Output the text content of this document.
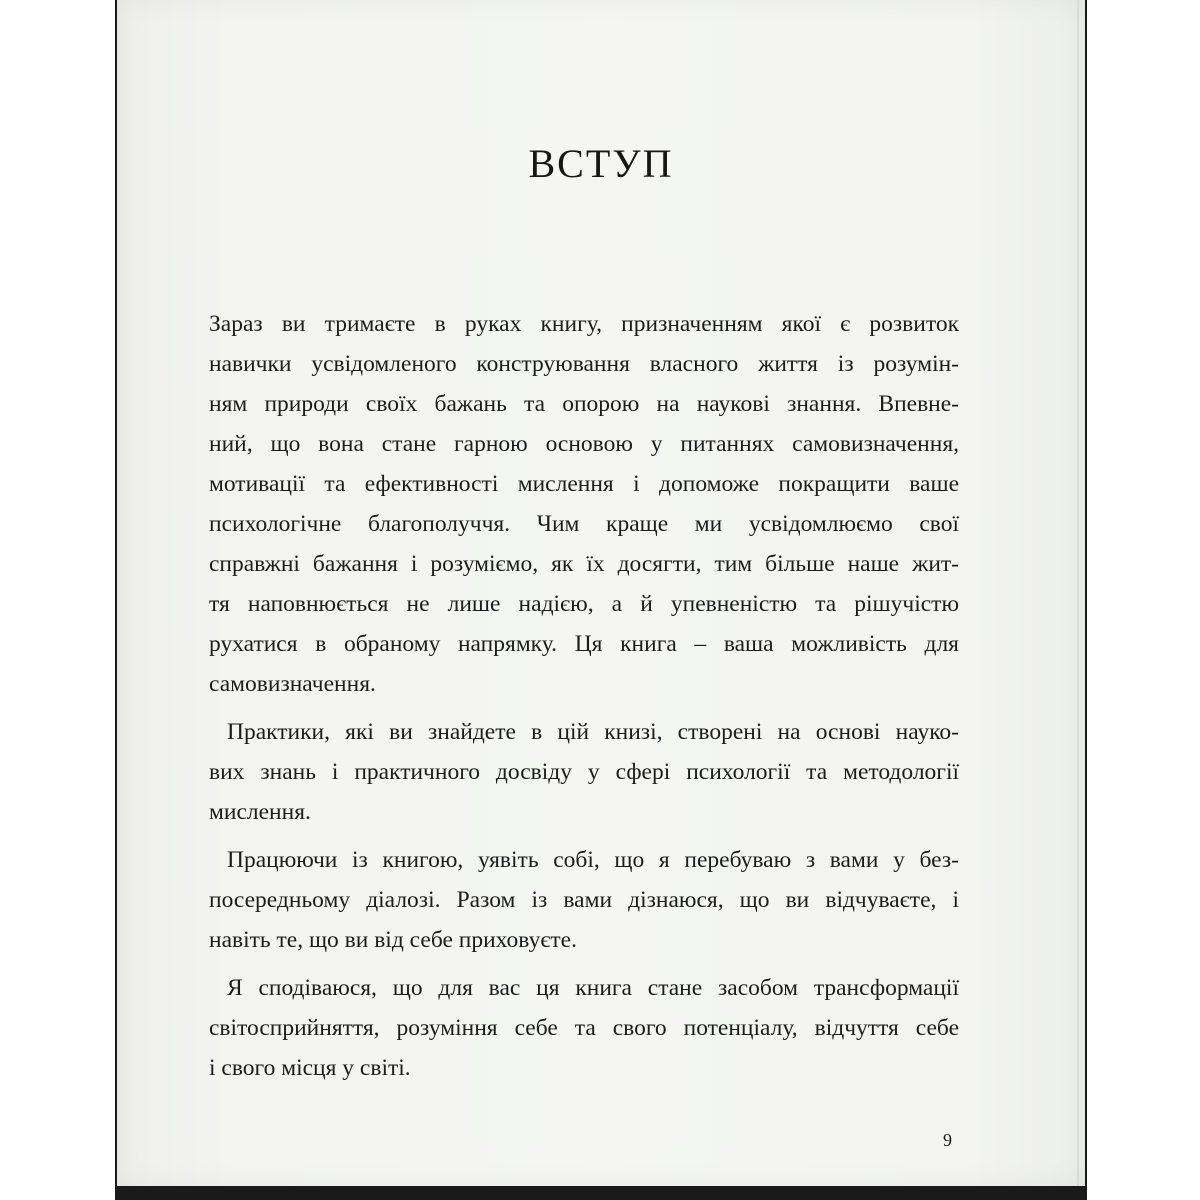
ВСТУП

Зараз ви тримаєте в руках книгу, призначенням якої є розвиток
навички усвідомленого конструювання власного життя із розумін-
ням природи своїх бажань та опорою на наукові знання. Впевне-
ний, що вона стане гарною основою у питаннях самовизначення,
мотивації та ефективності мислення і допоможе покращити ваше
психологічне благополуччя. Чим краще ми усвідомлюємо свої
справжні бажання і розуміємо, як їх досягти, тим більше наше жит-
тя наповнюється не лише надією, а й упевненістю та рішучістю
рухатися в обраному напрямку. Ця книга – ваша можливість для
самовизначення.

Практики, які ви знайдете в цій книзі, створені на основі науко-
вих знань і практичного досвіду у сфері психології та методології
мислення.

Працюючи із книгою, уявіть собі, що я перебуваю з вами у без-
посередньому діалозі. Разом із вами дізнаюся, що ви відчуваєте, і
навіть те, що ви від себе приховуєте.

Я сподіваюся, що для вас ця книга стане засобом трансформації
світосприйняття, розуміння себе та свого потенціалу, відчуття себе
і свого місця у світі.

9
